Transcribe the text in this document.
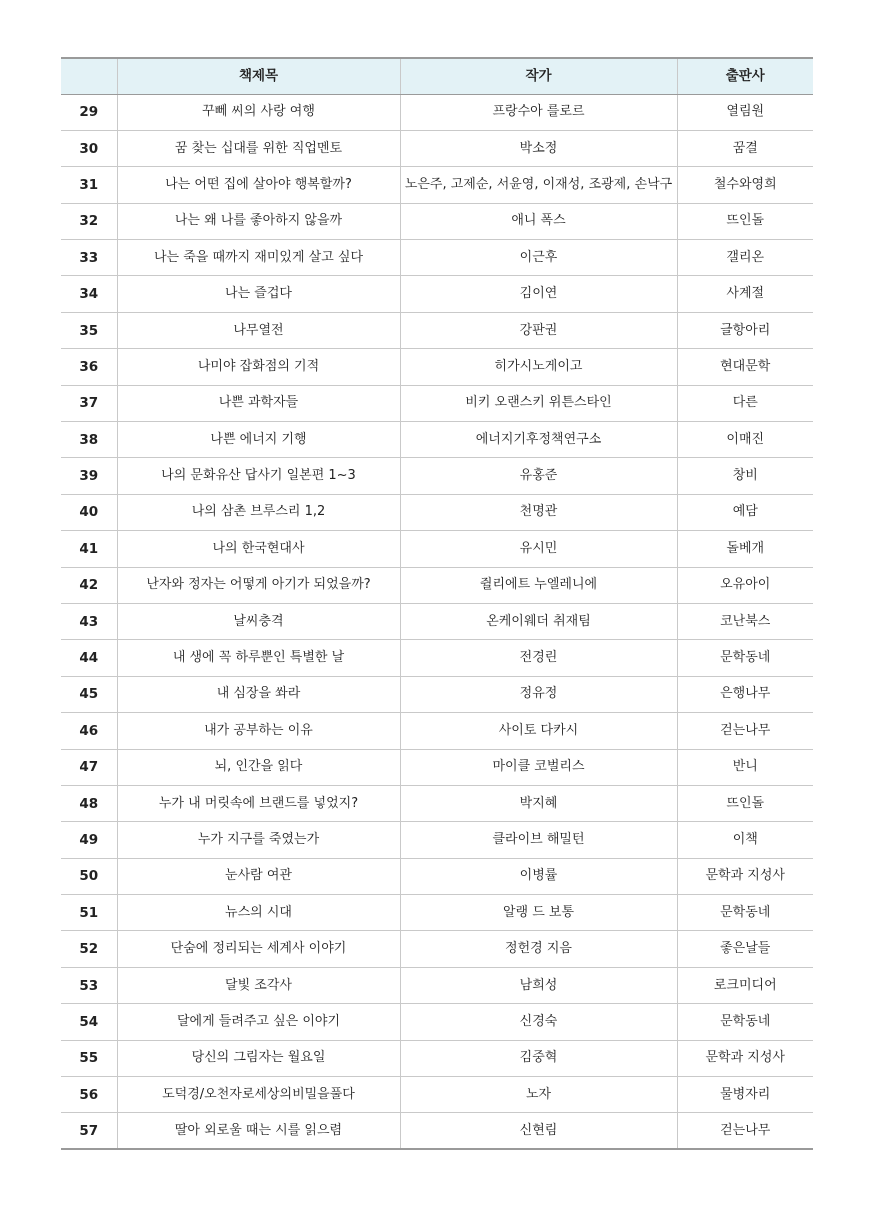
	책제목	작가	출판사
29	꾸뻬 씨의 사랑 여행	프랑수아 를로르	열림원
30	꿈 찾는 십대를 위한 직업멘토	박소정	꿈결
31	나는 어떤 집에 살아야 행복할까?	노은주, 고제순, 서윤영, 이재성, 조광제, 손낙구	철수와영희
32	나는 왜 나를 좋아하지 않을까	애니 폭스	뜨인돌
33	나는 죽을 때까지 재미있게 살고 싶다	이근후	갤리온
34	나는 즐겁다	김이연	사계절
35	나무열전	강판권	글항아리
36	나미야 잡화점의 기적	히가시노게이고	현대문학
37	나쁜 과학자들	비키 오랜스키 위튼스타인	다른
38	나쁜 에너지 기행	에너지기후정책연구소	이매진
39	나의 문화유산 답사기 일본편 1~3	유홍준	창비
40	나의 삼촌 브루스리 1,2	천명관	예담
41	나의 한국현대사	유시민	돌베개
42	난자와 정자는 어떻게 아기가 되었을까?	쥘리에트 누엘레니에	오유아이
43	날씨충격	온케이웨더 취재팀	코난북스
44	내 생에 꼭 하루뿐인 특별한 날	전경린	문학동네
45	내 심장을 쏴라	정유정	은행나무
46	내가 공부하는 이유	사이토 다카시	걷는나무
47	뇌, 인간을 읽다	마이클 코벌리스	반니
48	누가 내 머릿속에 브랜드를 넣었지?	박지혜	뜨인돌
49	누가 지구를 죽였는가	클라이브 해밀턴	이책
50	눈사람 여관	이병률	문학과 지성사
51	뉴스의 시대	알랭 드 보통	문학동네
52	단숨에 정리되는 세계사 이야기	정헌경 지음	좋은날들
53	달빛 조각사	남희성	로크미디어
54	달에게 들려주고 싶은 이야기	신경숙	문학동네
55	당신의 그림자는 월요일	김중혁	문학과 지성사
56	도덕경/오천자로세상의비밀을풀다	노자	물병자리
57	딸아 외로울 때는 시를 읽으렴	신현림	걷는나무
